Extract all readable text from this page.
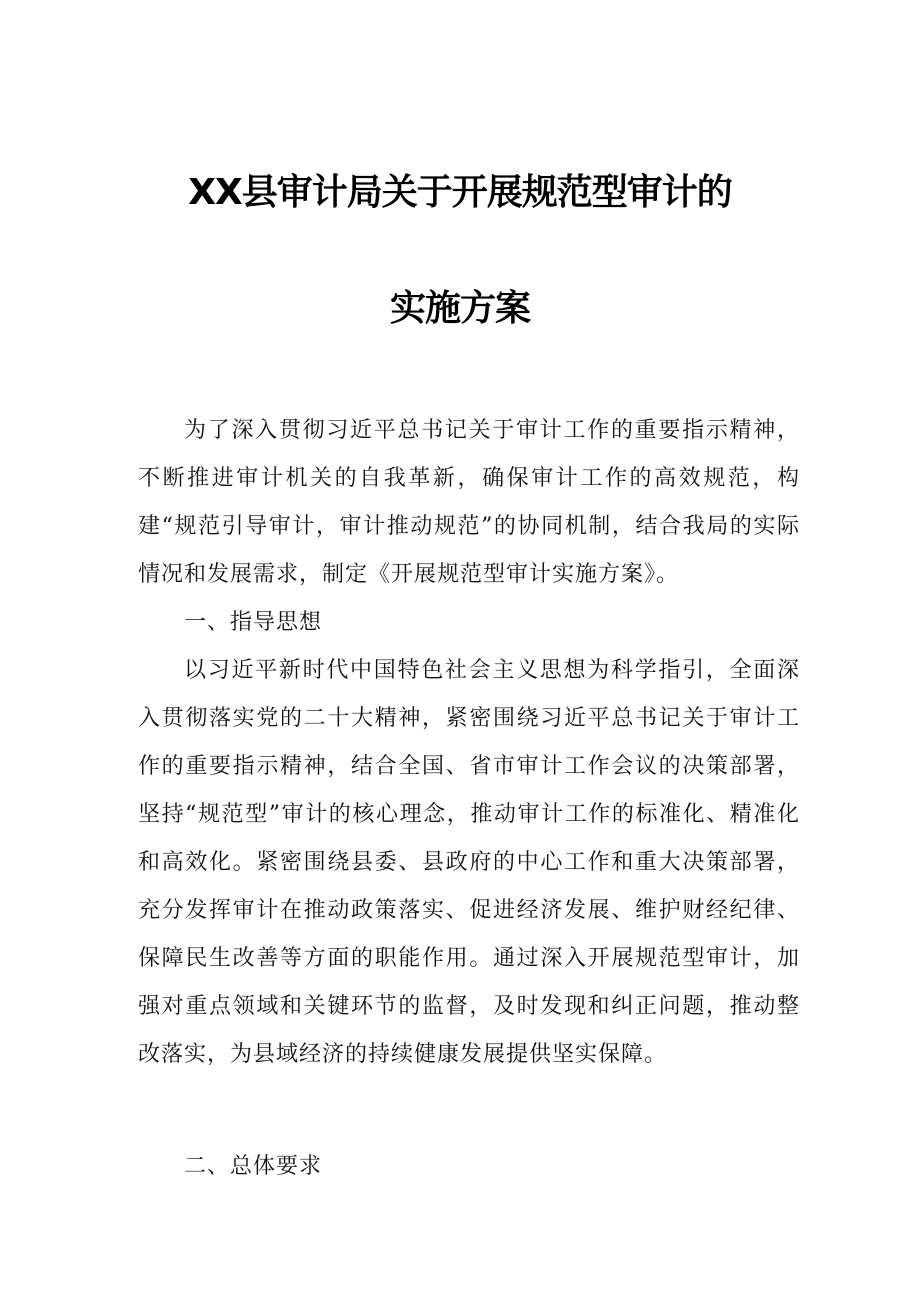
XX县审计局关于开展规范型审计的
实施方案

为了深入贯彻习近平总书记关于审计工作的重要指示精神，不断推进审计机关的自我革新，确保审计工作的高效规范，构建“规范引导审计，审计推动规范”的协同机制，结合我局的实际情况和发展需求，制定《开展规范型审计实施方案》。

一、指导思想

以习近平新时代中国特色社会主义思想为科学指引，全面深入贯彻落实党的二十大精神，紧密围绕习近平总书记关于审计工作的重要指示精神，结合全国、省市审计工作会议的决策部署，坚持“规范型”审计的核心理念，推动审计工作的标准化、精准化和高效化。紧密围绕县委、县政府的中心工作和重大决策部署，充分发挥审计在推动政策落实、促进经济发展、维护财经纪律、保障民生改善等方面的职能作用。通过深入开展规范型审计，加强对重点领域和关键环节的监督，及时发现和纠正问题，推动整改落实，为县域经济的持续健康发展提供坚实保障。

二、总体要求
